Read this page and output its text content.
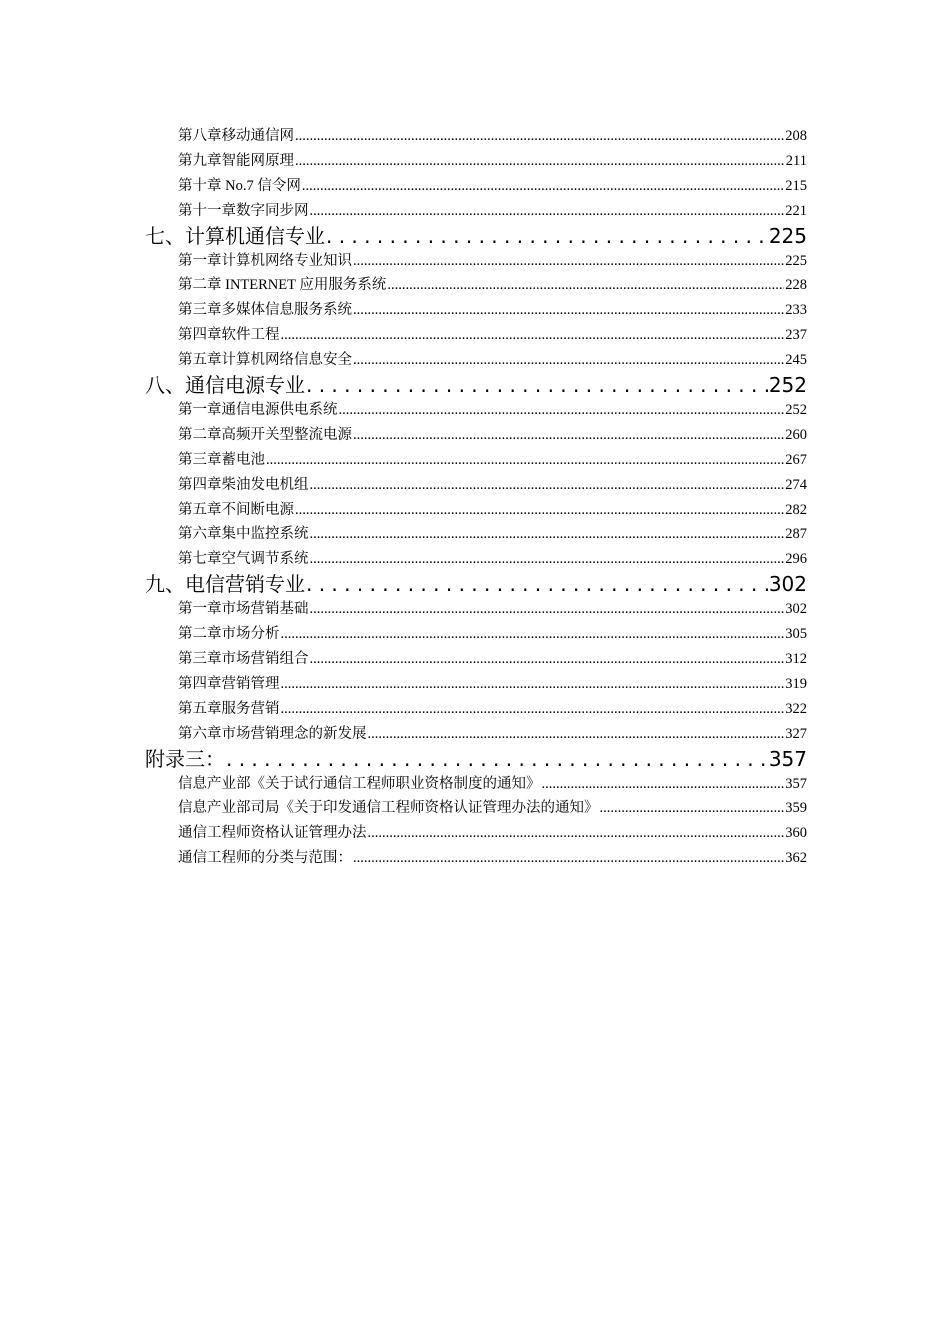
第八章移动通信网 .....	208
第九章智能网原理 .....	211
第十章 No.7 信令网 .....	215
第十一章数字同步网 .....	221
七、计算机通信专业 . . .	225
第一章计算机网络专业知识 .....	225
第二章 INTERNET 应用服务系统 .....	228
第三章多媒体信息服务系统 .....	233
第四章软件工程 .....	237
第五章计算机网络信息安全 .....	245
八、通信电源专业 . . .	252
第一章通信电源供电系统 .....	252
第二章高频开关型整流电源 .....	260
第三章蓄电池 .....	267
第四章柴油发电机组 .....	274
第五章不间断电源 .....	282
第六章集中监控系统 .....	287
第七章空气调节系统 .....	296
九、电信营销专业 . . .	302
第一章市场营销基础 .....	302
第二章市场分析 .....	305
第三章市场营销组合 .....	312
第四章营销管理 .....	319
第五章服务营销 .....	322
第六章市场营销理念的新发展 .....	327
附录三： . . .	357
信息产业部《关于试行通信工程师职业资格制度的通知》 .....	357
信息产业部司局《关于印发通信工程师资格认证管理办法的通知》 .....	359
通信工程师资格认证管理办法 .....	360
通信工程师的分类与范围： .....	362
